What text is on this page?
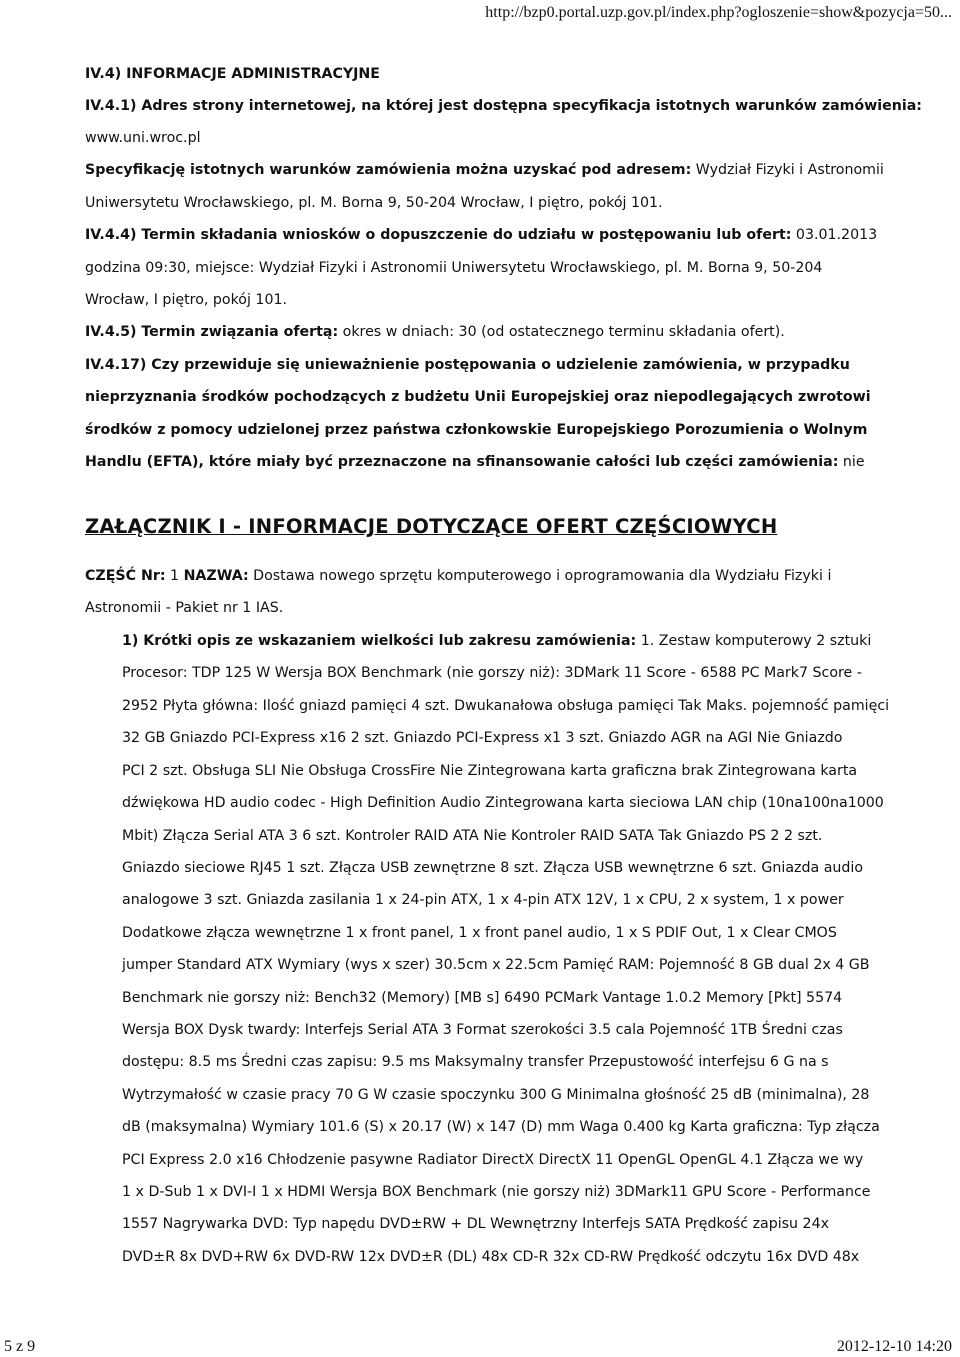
http://bzp0.portal.uzp.gov.pl/index.php?ogloszenie=show&pozycja=50...
IV.4) INFORMACJE ADMINISTRACYJNE
IV.4.1) Adres strony internetowej, na której jest dostępna specyfikacja istotnych warunków zamówienia:
www.uni.wroc.pl
Specyfikację istotnych warunków zamówienia można uzyskać pod adresem: Wydział Fizyki i Astronomii
Uniwersytetu Wrocławskiego, pl. M. Borna 9, 50-204 Wrocław, I piętro, pokój 101.
IV.4.4) Termin składania wniosków o dopuszczenie do udziału w postępowaniu lub ofert: 03.01.2013
godzina 09:30, miejsce: Wydział Fizyki i Astronomii Uniwersytetu Wrocławskiego, pl. M. Borna 9, 50-204
Wrocław, I piętro, pokój 101.
IV.4.5) Termin związania ofertą: okres w dniach: 30 (od ostatecznego terminu składania ofert).
IV.4.17) Czy przewiduje się unieważnienie postępowania o udzielenie zamówienia, w przypadku
nieprzyznania środków pochodzących z budżetu Unii Europejskiej oraz niepodlegających zwrotowi
środków z pomocy udzielonej przez państwa członkowskie Europejskiego Porozumienia o Wolnym
Handlu (EFTA), które miały być przeznaczone na sfinansowanie całości lub części zamówienia: nie
ZAŁĄCZNIK I - INFORMACJE DOTYCZĄCE OFERT CZĘŚCIOWYCH
CZĘŚĆ Nr: 1 NAZWA: Dostawa nowego sprzętu komputerowego i oprogramowania dla Wydziału Fizyki i
Astronomii - Pakiet nr 1 IAS.
1) Krótki opis ze wskazaniem wielkości lub zakresu zamówienia: 1. Zestaw komputerowy 2 sztuki
Procesor: TDP 125 W Wersja BOX Benchmark (nie gorszy niż): 3DMark 11 Score - 6588 PC Mark7 Score -
2952 Płyta główna: Ilość gniazd pamięci 4 szt. Dwukanałowa obsługa pamięci Tak Maks. pojemność pamięci
32 GB Gniazdo PCI-Express x16 2 szt. Gniazdo PCI-Express x1 3 szt. Gniazdo AGR na AGI Nie Gniazdo
PCI 2 szt. Obsługa SLI Nie Obsługa CrossFire Nie Zintegrowana karta graficzna brak Zintegrowana karta
dźwiękowa HD audio codec - High Definition Audio Zintegrowana karta sieciowa LAN chip (10na100na1000
Mbit) Złącza Serial ATA 3 6 szt. Kontroler RAID ATA Nie Kontroler RAID SATA Tak Gniazdo PS 2 2 szt.
Gniazdo sieciowe RJ45 1 szt. Złącza USB zewnętrzne 8 szt. Złącza USB wewnętrzne 6 szt. Gniazda audio
analogowe 3 szt. Gniazda zasilania 1 x 24-pin ATX, 1 x 4-pin ATX 12V, 1 x CPU, 2 x system, 1 x power
Dodatkowe złącza wewnętrzne 1 x front panel, 1 x front panel audio, 1 x S PDIF Out, 1 x Clear CMOS
jumper Standard ATX Wymiary (wys x szer) 30.5cm x 22.5cm Pamięć RAM: Pojemność 8 GB dual 2x 4 GB
Benchmark nie gorszy niż: Bench32 (Memory) [MB s] 6490 PCMark Vantage 1.0.2 Memory [Pkt] 5574
Wersja BOX Dysk twardy: Interfejs Serial ATA 3 Format szerokości 3.5 cala Pojemność 1TB Średni czas
dostępu: 8.5 ms Średni czas zapisu: 9.5 ms Maksymalny transfer Przepustowość interfejsu 6 G na s
Wytrzymałość w czasie pracy 70 G W czasie spoczynku 300 G Minimalna głośność 25 dB (minimalna), 28
dB (maksymalna) Wymiary 101.6 (S) x 20.17 (W) x 147 (D) mm Waga 0.400 kg Karta graficzna: Typ złącza
PCI Express 2.0 x16 Chłodzenie pasywne Radiator DirectX DirectX 11 OpenGL OpenGL 4.1 Złącza we wy
1 x D-Sub 1 x DVI-I 1 x HDMI Wersja BOX Benchmark (nie gorszy niż) 3DMark11 GPU Score - Performance
1557 Nagrywarka DVD: Typ napędu DVD±RW + DL Wewnętrzny Interfejs SATA Prędkość zapisu 24x
DVD±R 8x DVD+RW 6x DVD-RW 12x DVD±R (DL) 48x CD-R 32x CD-RW Prędkość odczytu 16x DVD 48x
5 z 9	2012-12-10 14:20
